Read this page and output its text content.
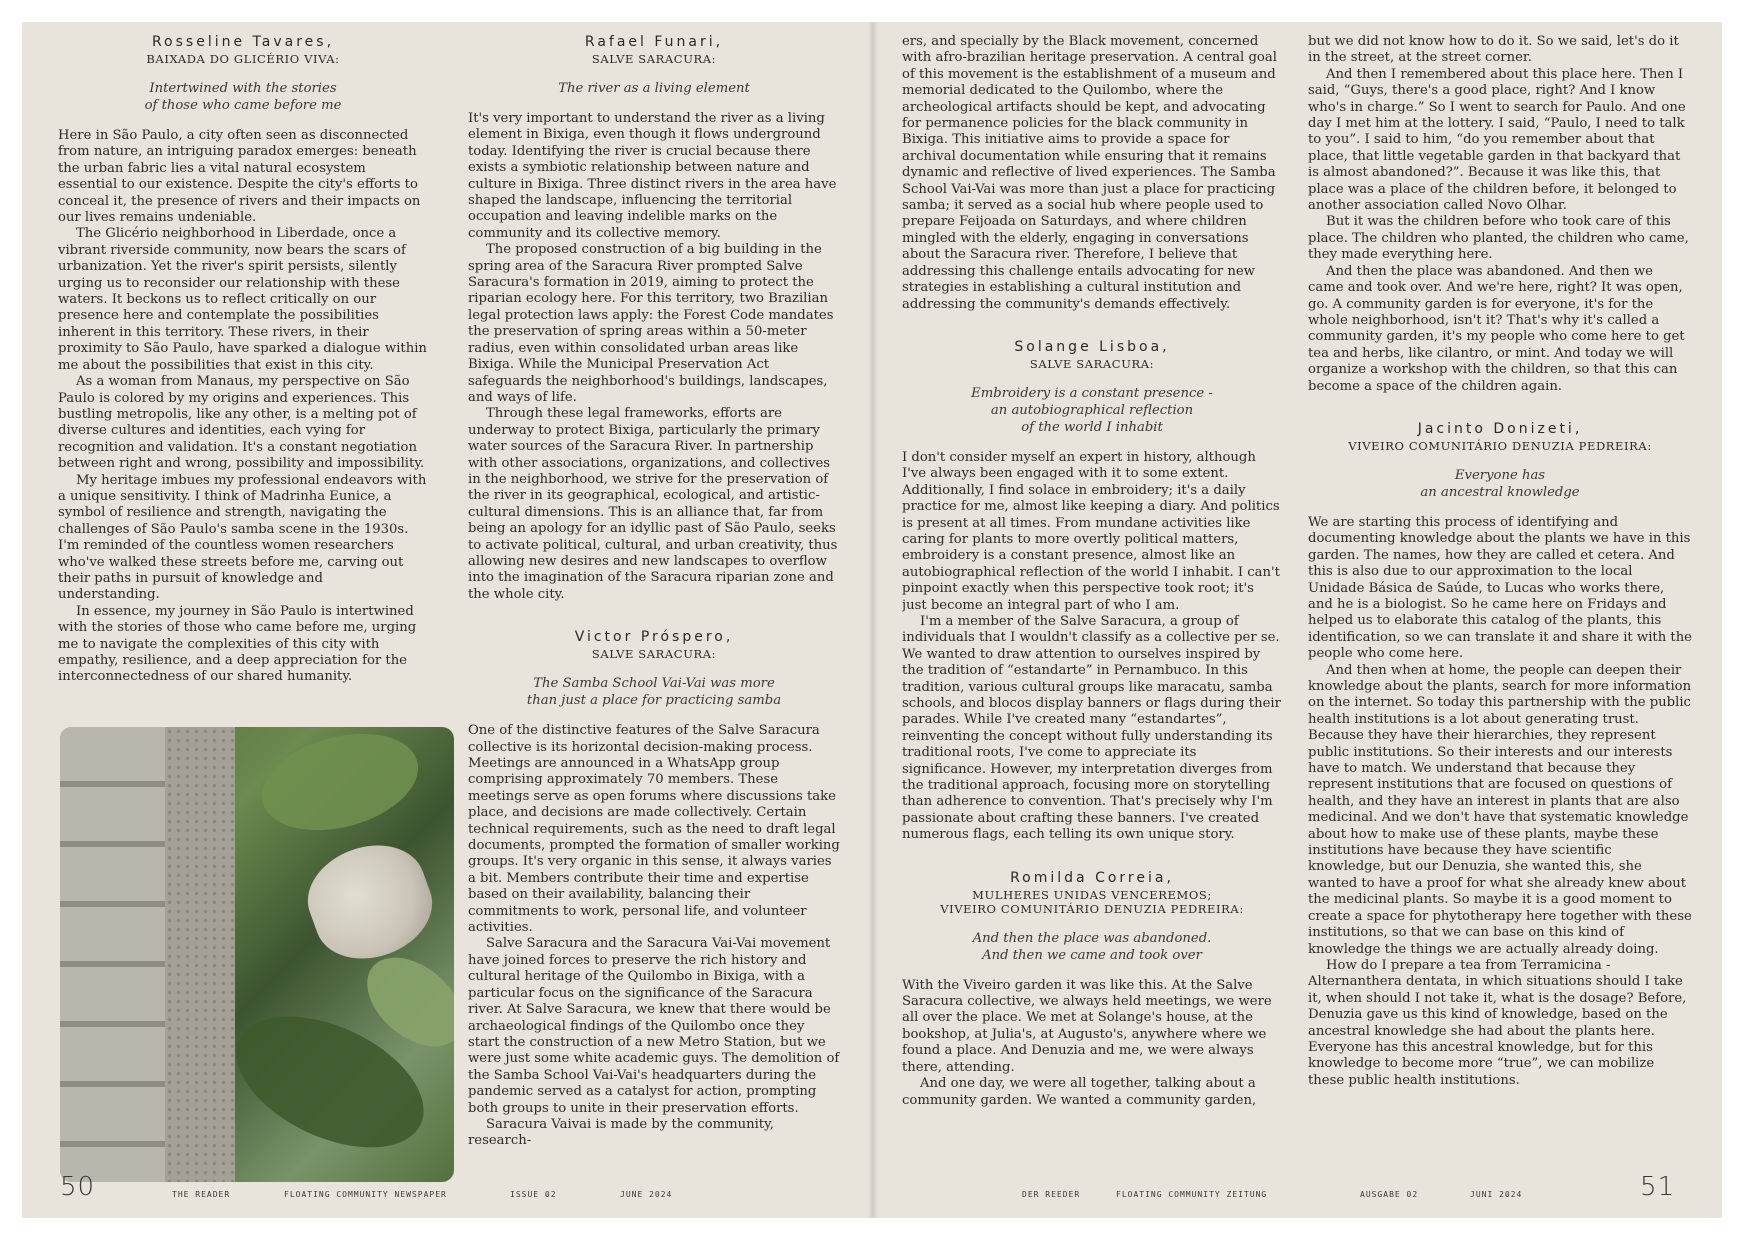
Rosseline Tavares,
BAIXADA DO GLICÉRIO VIVA:
Intertwined with the stories
of those who came before me

Here in São Paulo, a city often seen as disconnected from nature, an intriguing paradox emerges: beneath the urban fabric lies a vital natural ecosystem essential to our existence. Despite the city's efforts to conceal it, the presence of rivers and their impacts on our lives remains undeniable.

The Glicério neighborhood in Liberdade, once a vibrant riverside community, now bears the scars of urbanization. Yet the river's spirit persists, silently urging us to reconsider our relationship with these waters. It beckons us to reflect critically on our presence here and contemplate the possibilities inherent in this territory. These rivers, in their proximity to São Paulo, have sparked a dialogue within me about the possibilities that exist in this city.

As a woman from Manaus, my perspective on São Paulo is colored by my origins and experiences. This bustling metropolis, like any other, is a melting pot of diverse cultures and identities, each vying for recognition and validation. It's a constant negotiation between right and wrong, possibility and impossibility.

My heritage imbues my professional endeavors with a unique sensitivity. I think of Madrinha Eunice, a symbol of resilience and strength, navigating the challenges of São Paulo's samba scene in the 1930s. I'm reminded of the countless women researchers who've walked these streets before me, carving out their paths in pursuit of knowledge and understanding.

In essence, my journey in São Paulo is intertwined with the stories of those who came before me, urging me to navigate the complexities of this city with empathy, resilience, and a deep appreciation for the interconnectedness of our shared humanity.

Rafael Funari,
SALVE SARACURA:
The river as a living element

It's very important to understand the river as a living element in Bixiga, even though it flows underground today. Identifying the river is crucial because there exists a symbiotic relationship between nature and culture in Bixiga. Three distinct rivers in the area have shaped the landscape, influencing the territorial occupation and leaving indelible marks on the community and its collective memory.

The proposed construction of a big building in the spring area of the Saracura River prompted Salve Saracura's formation in 2019, aiming to protect the riparian ecology here. For this territory, two Brazilian legal protection laws apply: the Forest Code mandates the preservation of spring areas within a 50-meter radius, even within consolidated urban areas like Bixiga. While the Municipal Preservation Act safeguards the neighborhood's buildings, landscapes, and ways of life.

Through these legal frameworks, efforts are underway to protect Bixiga, particularly the primary water sources of the Saracura River. In partnership with other associations, organizations, and collectives in the neighborhood, we strive for the preservation of the river in its geographical, ecological, and artistic-cultural dimensions. This is an alliance that, far from being an apology for an idyllic past of São Paulo, seeks to activate political, cultural, and urban creativity, thus allowing new desires and new landscapes to overflow into the imagination of the Saracura riparian zone and the whole city.

Victor Próspero,
SALVE SARACURA:
The Samba School Vai-Vai was more
than just a place for practicing samba

One of the distinctive features of the Salve Saracura collective is its horizontal decision-making process. Meetings are announced in a WhatsApp group comprising approximately 70 members. These meetings serve as open forums where discussions take place, and decisions are made collectively. Certain technical requirements, such as the need to draft legal documents, prompted the formation of smaller working groups. It's very organic in this sense, it always varies a bit. Members contribute their time and expertise based on their availability, balancing their commitments to work, personal life, and volunteer activities.

Salve Saracura and the Saracura Vai-Vai movement have joined forces to preserve the rich history and cultural heritage of the Quilombo in Bixiga, with a particular focus on the significance of the Saracura river. At Salve Saracura, we knew that there would be archaeological findings of the Quilombo once they start the construction of a new Metro Station, but we were just some white academic guys. The demolition of the Samba School Vai-Vai's headquarters during the pandemic served as a catalyst for action, prompting both groups to unite in their preservation efforts.

Saracura Vaivai is made by the community, research-

50	THE READER	FLOATING COMMUNITY NEWSPAPER	ISSUE 02	JUNE 2024

ers, and specially by the Black movement, concerned with afro-brazilian heritage preservation. A central goal of this movement is the establishment of a museum and memorial dedicated to the Quilombo, where the archeological artifacts should be kept, and advocating for permanence policies for the black community in Bixiga. This initiative aims to provide a space for archival documentation while ensuring that it remains dynamic and reflective of lived experiences. The Samba School Vai-Vai was more than just a place for practicing samba; it served as a social hub where people used to prepare Feijoada on Saturdays, and where children mingled with the elderly, engaging in conversations about the Saracura river. Therefore, I believe that addressing this challenge entails advocating for new strategies in establishing a cultural institution and addressing the community's demands effectively.

Solange Lisboa,
SALVE SARACURA:
Embroidery is a constant presence -
an autobiographical reflection
of the world I inhabit

I don't consider myself an expert in history, although I've always been engaged with it to some extent. Additionally, I find solace in embroidery; it's a daily practice for me, almost like keeping a diary. And politics is present at all times. From mundane activities like caring for plants to more overtly political matters, embroidery is a constant presence, almost like an autobiographical reflection of the world I inhabit. I can't pinpoint exactly when this perspective took root; it's just become an integral part of who I am.

I'm a member of the Salve Saracura, a group of individuals that I wouldn't classify as a collective per se. We wanted to draw attention to ourselves inspired by the tradition of “estandarte” in Pernambuco. In this tradition, various cultural groups like maracatu, samba schools, and blocos display banners or flags during their parades. While I've created many “estandartes”, reinventing the concept without fully understanding its traditional roots, I've come to appreciate its significance. However, my interpretation diverges from the traditional approach, focusing more on storytelling than adherence to convention. That's precisely why I'm passionate about crafting these banners. I've created numerous flags, each telling its own unique story.

Romilda Correia,
MULHERES UNIDAS VENCEREMOS;
VIVEIRO COMUNITÁRIO DENUZIA PEDREIRA:
And then the place was abandoned.
And then we came and took over

With the Viveiro garden it was like this. At the Salve Saracura collective, we always held meetings, we were all over the place. We met at Solange's house, at the bookshop, at Julia's, at Augusto's, anywhere where we found a place. And Denuzia and me, we were always there, attending.

And one day, we were all together, talking about a community garden. We wanted a community garden,

but we did not know how to do it. So we said, let's do it in the street, at the street corner.

And then I remembered about this place here. Then I said, “Guys, there's a good place, right? And I know who's in charge.” So I went to search for Paulo. And one day I met him at the lottery. I said, “Paulo, I need to talk to you”. I said to him, “do you remember about that place, that little vegetable garden in that backyard that is almost abandoned?”. Because it was like this, that place was a place of the children before, it belonged to another association called Novo Olhar.

But it was the children before who took care of this place. The children who planted, the children who came, they made everything here.

And then the place was abandoned. And then we came and took over. And we're here, right? It was open, go. A community garden is for everyone, it's for the whole neighborhood, isn't it? That's why it's called a community garden, it's my people who come here to get tea and herbs, like cilantro, or mint. And today we will organize a workshop with the children, so that this can become a space of the children again.

Jacinto Donizeti,
VIVEIRO COMUNITÁRIO DENUZIA PEDREIRA:
Everyone has
an ancestral knowledge

We are starting this process of identifying and documenting knowledge about the plants we have in this garden. The names, how they are called et cetera. And this is also due to our approximation to the local Unidade Básica de Saúde, to Lucas who works there, and he is a biologist. So he came here on Fridays and helped us to elaborate this catalog of the plants, this identification, so we can translate it and share it with the people who come here.

And then when at home, the people can deepen their knowledge about the plants, search for more information on the internet. So today this partnership with the public health institutions is a lot about generating trust. Because they have their hierarchies, they represent public institutions. So their interests and our interests have to match. We understand that because they represent institutions that are focused on questions of health, and they have an interest in plants that are also medicinal. And we don't have that systematic knowledge about how to make use of these plants, maybe these institutions have because they have scientific knowledge, but our Denuzia, she wanted this, she wanted to have a proof for what she already knew about the medicinal plants. So maybe it is a good moment to create a space for phytotherapy here together with these institutions, so that we can base on this kind of knowledge the things we are actually already doing.

How do I prepare a tea from Terramicina - Alternanthera dentata, in which situations should I take it, when should I not take it, what is the dosage? Before, Denuzia gave us this kind of knowledge, based on the ancestral knowledge she had about the plants here. Everyone has this ancestral knowledge, but for this knowledge to become more “true”, we can mobilize these public health institutions.

DER REEDER	FLOATING COMMUNITY ZEITUNG	AUSGABE 02	JUNI 2024	51
